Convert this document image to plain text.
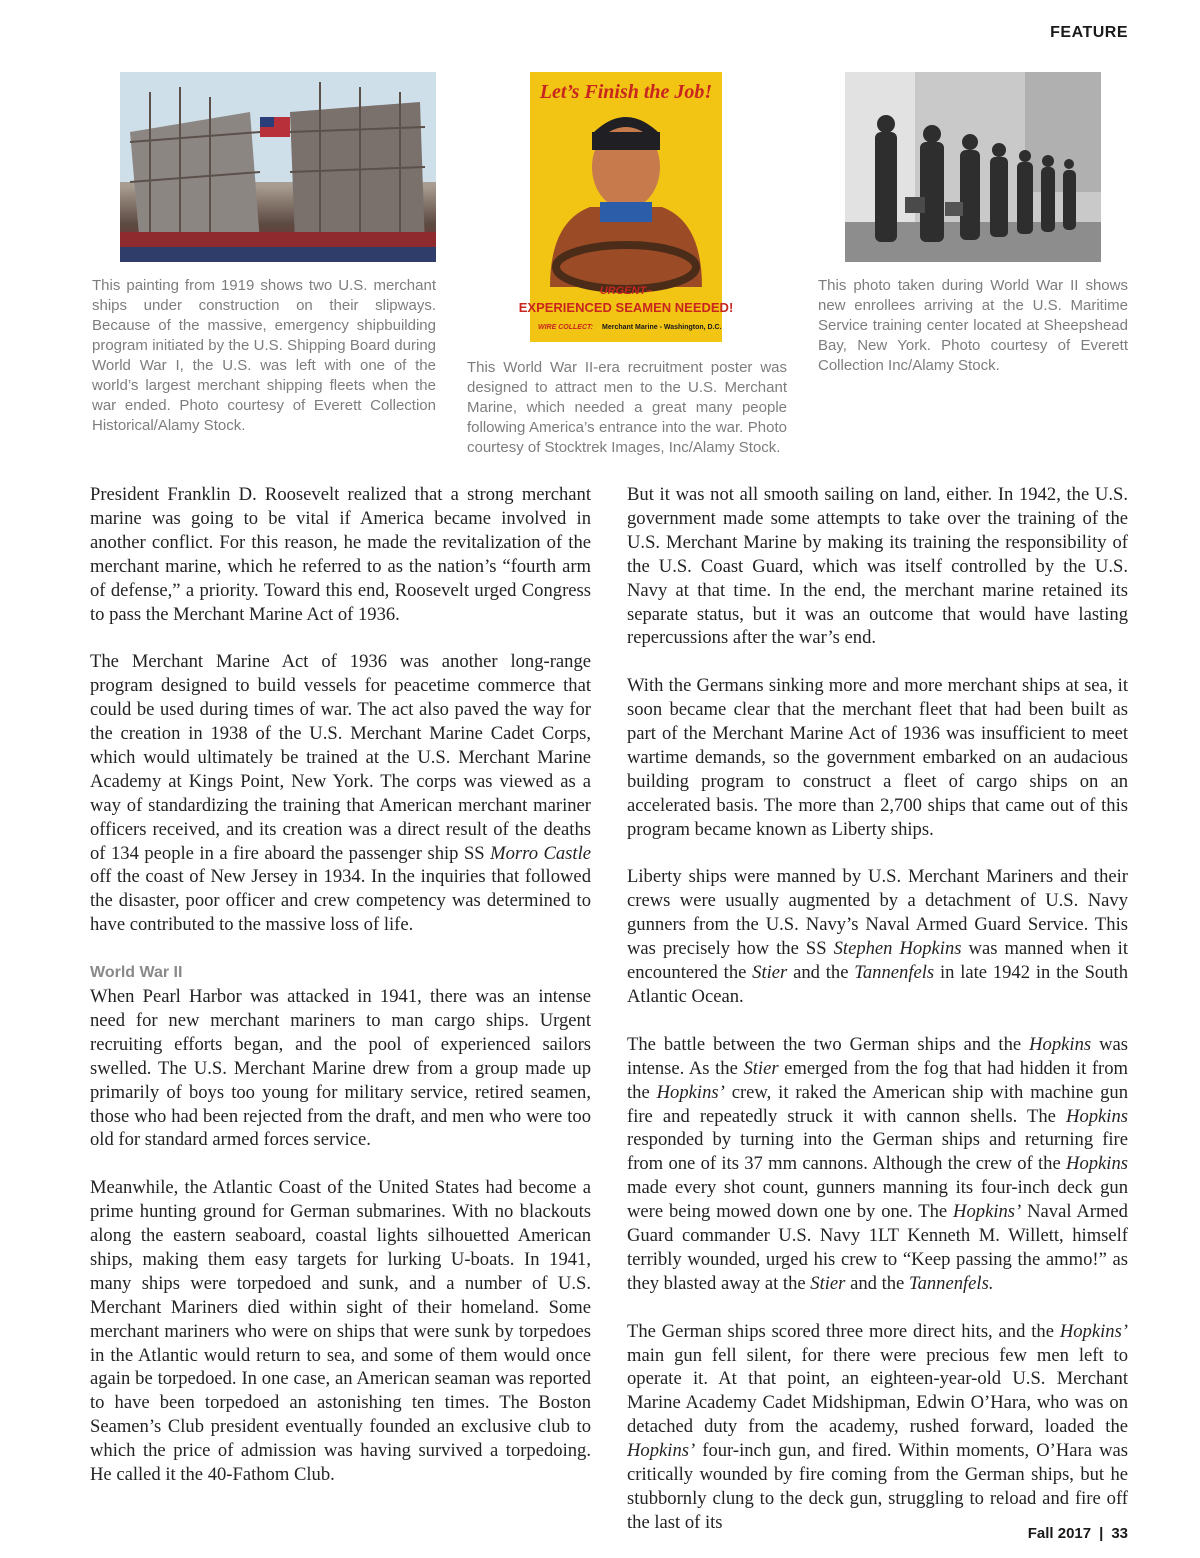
FEATURE
This painting from 1919 shows two U.S. merchant ships under construction on their slipways. Because of the massive, emergency shipbuilding program initiated by the U.S. Shipping Board during World War I, the U.S. was left with one of the world’s largest merchant shipping fleets when the war ended. Photo courtesy of Everett Collection Historical/Alamy Stock.
Let’s Finish the Job!
URGENT–
EXPERIENCED SEAMEN NEEDED!
WIRE COLLECT: Merchant Marine - Washington, D.C.
This World War II-era recruitment poster was designed to attract men to the U.S. Merchant Marine, which needed a great many people following America’s entrance into the war. Photo courtesy of Stocktrek Images, Inc/Alamy Stock.
This photo taken during World War II shows new enrollees arriving at the U.S. Maritime Service training center located at Sheepshead Bay, New York. Photo courtesy of Everett Collection Inc/Alamy Stock.

President Franklin D. Roosevelt realized that a strong merchant marine was going to be vital if America became involved in another conflict. For this reason, he made the revitalization of the merchant marine, which he referred to as the nation’s “fourth arm of defense,” a priority. Toward this end, Roosevelt urged Congress to pass the Merchant Marine Act of 1936.

The Merchant Marine Act of 1936 was another long-range program designed to build vessels for peacetime commerce that could be used during times of war. The act also paved the way for the creation in 1938 of the U.S. Merchant Marine Cadet Corps, which would ultimately be trained at the U.S. Merchant Marine Academy at Kings Point, New York. The corps was viewed as a way of standardizing the training that American merchant mariner officers received, and its creation was a direct result of the deaths of 134 people in a fire aboard the passenger ship SS Morro Castle off the coast of New Jersey in 1934. In the inquiries that followed the disaster, poor officer and crew competency was determined to have contributed to the massive loss of life.

World War II

When Pearl Harbor was attacked in 1941, there was an intense need for new merchant mariners to man cargo ships. Urgent recruiting efforts began, and the pool of experienced sailors swelled. The U.S. Merchant Marine drew from a group made up primarily of boys too young for military service, retired seamen, those who had been rejected from the draft, and men who were too old for standard armed forces service.

Meanwhile, the Atlantic Coast of the United States had become a prime hunting ground for German submarines. With no blackouts along the eastern seaboard, coastal lights silhouetted American ships, making them easy targets for lurking U-boats. In 1941, many ships were torpedoed and sunk, and a number of U.S. Merchant Mariners died within sight of their homeland. Some merchant mariners who were on ships that were sunk by torpedoes in the Atlantic would return to sea, and some of them would once again be torpedoed. In one case, an American seaman was reported to have been torpedoed an astonishing ten times. The Boston Seamen’s Club president eventually founded an exclusive club to which the price of admission was having survived a torpedoing. He called it the 40-Fathom Club.

But it was not all smooth sailing on land, either. In 1942, the U.S. government made some attempts to take over the training of the U.S. Merchant Marine by making its training the responsibility of the U.S. Coast Guard, which was itself controlled by the U.S. Navy at that time. In the end, the merchant marine retained its separate status, but it was an outcome that would have lasting repercussions after the war’s end.

With the Germans sinking more and more merchant ships at sea, it soon became clear that the merchant fleet that had been built as part of the Merchant Marine Act of 1936 was insufficient to meet wartime demands, so the government embarked on an audacious building program to construct a fleet of cargo ships on an accelerated basis. The more than 2,700 ships that came out of this program became known as Liberty ships.

Liberty ships were manned by U.S. Merchant Mariners and their crews were usually augmented by a detachment of U.S. Navy gunners from the U.S. Navy’s Naval Armed Guard Service. This was precisely how the SS Stephen Hopkins was manned when it encountered the Stier and the Tannenfels in late 1942 in the South Atlantic Ocean.

The battle between the two German ships and the Hopkins was intense. As the Stier emerged from the fog that had hidden it from the Hopkins’ crew, it raked the American ship with machine gun fire and repeatedly struck it with cannon shells. The Hopkins responded by turning into the German ships and returning fire from one of its 37 mm cannons. Although the crew of the Hopkins made every shot count, gunners manning its four-inch deck gun were being mowed down one by one. The Hopkins’ Naval Armed Guard commander U.S. Navy 1LT Kenneth M. Willett, himself terribly wounded, urged his crew to “Keep passing the ammo!” as they blasted away at the Stier and the Tannenfels.

The German ships scored three more direct hits, and the Hopkins’ main gun fell silent, for there were precious few men left to operate it. At that point, an eighteen-year-old U.S. Merchant Marine Academy Cadet Midshipman, Edwin O’Hara, who was on detached duty from the academy, rushed forward, loaded the Hopkins’ four-inch gun, and fired. Within moments, O’Hara was critically wounded by fire coming from the German ships, but he stubbornly clung to the deck gun, struggling to reload and fire off the last of its

Fall 2017 | 33
